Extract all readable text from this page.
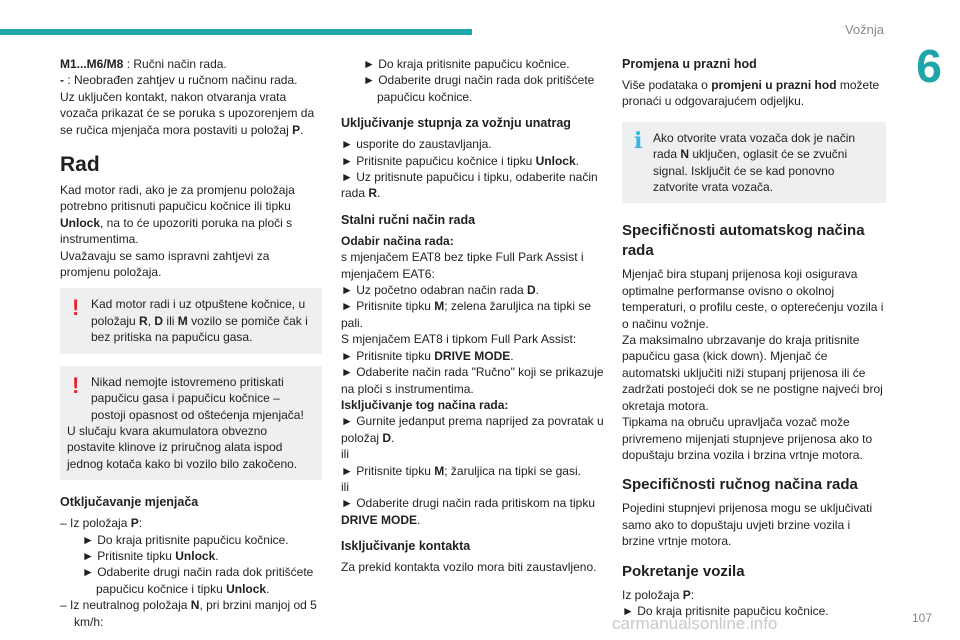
Vožnja
6

M1...M6/M8 : Ručni način rada.

- : Neobrađen zahtjev u ručnom načinu rada.

Uz uključen kontakt, nakon otvaranja vrata vozača prikazat će se poruka s upozorenjem da se ručica mjenjača mora postaviti u položaj P.

Rad

Kad motor radi, ako je za promjenu položaja potrebno pritisnuti papučicu kočnice ili tipku Unlock, na to će upozoriti poruka na ploči s instrumentima.

Uvažavaju se samo ispravni zahtjevi za promjenu položaja.

! Kad motor radi i uz otpuštene kočnice, u položaju R, D ili M vozilo se pomiče čak i bez pritiska na papučicu gasa.

! Nikad nemojte istovremeno pritiskati papučicu gasa i papučicu kočnice – postoji opasnost od oštećenja mjenjača!

U slučaju kvara akumulatora obvezno postavite klinove iz priručnog alata ispod jednog kotača kako bi vozilo bilo zakočeno.

Otključavanje mjenjača

– Iz položaja P:

► Do kraja pritisnite papučicu kočnice.

► Pritisnite tipku Unlock.

► Odaberite drugi način rada dok pritišćete papučicu kočnice i tipku Unlock.

– Iz neutralnog položaja N, pri brzini manjoj od 5 km/h:

► Do kraja pritisnite papučicu kočnice.

► Odaberite drugi način rada dok pritišćete papučicu kočnice.

Uključivanje stupnja za vožnju unatrag

► usporite do zaustavljanja.

► Pritisnite papučicu kočnice i tipku Unlock.

► Uz pritisnute papučicu i tipku, odaberite način rada R.

Stalni ručni način rada

Odabir načina rada:

s mjenjačem EAT8 bez tipke Full Park Assist i mjenjačem EAT6:

► Uz početno odabran način rada D.

► Pritisnite tipku M; zelena žaruljica na tipki se pali.

S mjenjačem EAT8 i tipkom Full Park Assist:

► Pritisnite tipku DRIVE MODE.

► Odaberite način rada "Ručno" koji se prikazuje na ploči s instrumentima.

Isključivanje tog načina rada:

► Gurnite jedanput prema naprijed za povratak u položaj D.

ili

► Pritisnite tipku M; žaruljica na tipki se gasi.

ili

► Odaberite drugi način rada pritiskom na tipku DRIVE MODE.

Isključivanje kontakta

Za prekid kontakta vozilo mora biti zaustavljeno.

Promjena u prazni hod

Više podataka o promjeni u prazni hod možete pronaći u odgovarajućem odjeljku.

i Ako otvorite vrata vozača dok je način rada N uključen, oglasit će se zvučni signal. Isključit će se kad ponovno zatvorite vrata vozača.

Specifičnosti automatskog načina rada

Mjenjač bira stupanj prijenosa koji osigurava optimalne performanse ovisno o okolnoj temperaturi, o profilu ceste, o opterećenju vozila i o načinu vožnje.

Za maksimalno ubrzavanje do kraja pritisnite papučicu gasa (kick down). Mjenjač će automatski uključiti niži stupanj prijenosa ili će zadržati postojeći dok se ne postigne najveći broj okretaja motora.

Tipkama na obruču upravljača vozač može privremeno mijenjati stupnjeve prijenosa ako to dopuštaju brzina vozila i brzina vrtnje motora.

Specifičnosti ručnog načina rada

Pojedini stupnjevi prijenosa mogu se uključivati samo ako to dopuštaju uvjeti brzine vozila i brzine vrtnje motora.

Pokretanje vozila

Iz položaja P:

► Do kraja pritisnite papučicu kočnice.

carmanualsonline.info	107
